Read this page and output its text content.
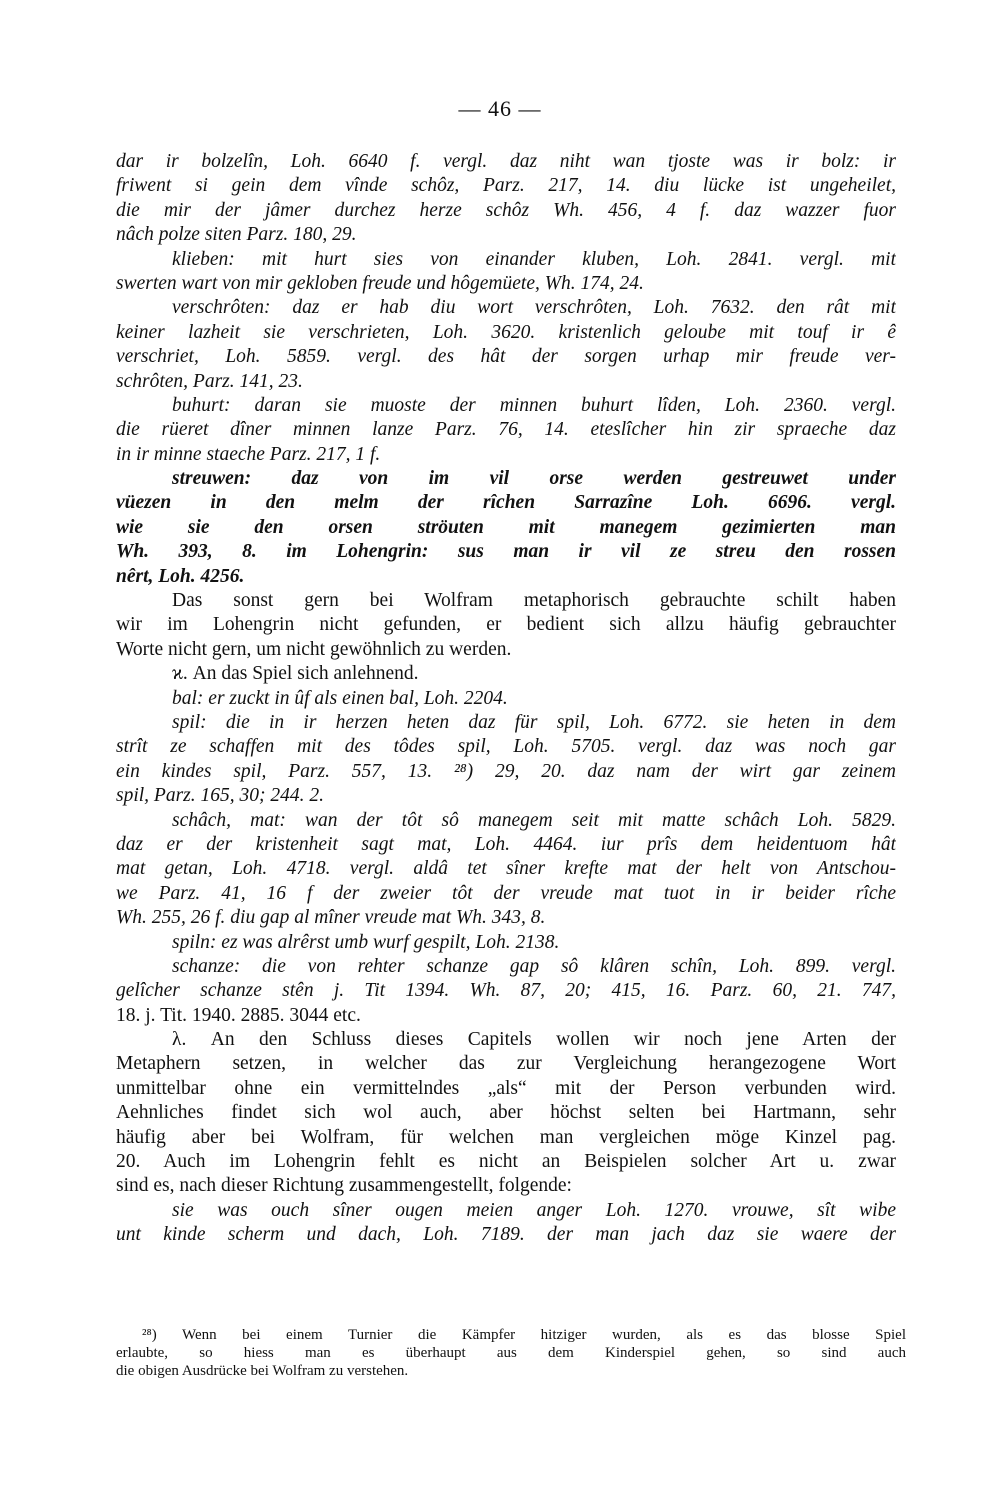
— 46 —
dar ir bolzelîn, Loh. 6640 f. vergl. daz niht wan tjoste was ir bolz: ir
friwent si gein dem vînde schôz, Parz. 217, 14. diu lücke ist ungeheilet,
die mir der jâmer durchez herze schôz Wh. 456, 4 f. daz wazzer fuor
nâch polze siten Parz. 180, 29.
klieben: mit hurt sies von einander kluben, Loh. 2841. vergl. mit
swerten wart von mir gekloben freude und hôgemüete, Wh. 174, 24.
verschrôten: daz er hab diu wort verschrôten, Loh. 7632. den rât mit
keiner lazheit sie verschrieten, Loh. 3620. kristenlich geloube mit touf ir ê
verschriet, Loh. 5859. vergl. des hât der sorgen urhap mir freude ver-
schrôten, Parz. 141, 23.
buhurt: daran sie muoste der minnen buhurt lîden, Loh. 2360. vergl.
die rüeret dîner minnen lanze Parz. 76, 14. eteslîcher hin zir spraeche daz
in ir minne staeche Parz. 217, 1 f.
streuwen: daz von im vil orse werden gestreuwet under
vüezen in den melm der rîchen Sarrazîne Loh. 6696. vergl.
wie sie den orsen ströuten mit manegem gezimierten man
Wh. 393, 8. im Lohengrin: sus man ir vil ze streu den rossen
nêrt, Loh. 4256.
Das sonst gern bei Wolfram metaphorisch gebrauchte schilt haben
wir im Lohengrin nicht gefunden, er bedient sich allzu häufig gebrauchter
Worte nicht gern, um nicht gewöhnlich zu werden.
ϰ. An das Spiel sich anlehnend.
bal: er zuckt in ûf als einen bal, Loh. 2204.
spil: die in ir herzen heten daz für spil, Loh. 6772. sie heten in dem
strît ze schaffen mit des tôdes spil, Loh. 5705. vergl. daz was noch gar
ein kindes spil, Parz. 557, 13. ²⁸) 29, 20. daz nam der wirt gar zeinem
spil, Parz. 165, 30; 244. 2.
schâch, mat: wan der tôt sô manegem seit mit matte schâch Loh. 5829.
daz er der kristenheit sagt mat, Loh. 4464. iur prîs dem heidentuom hât
mat getan, Loh. 4718. vergl. aldâ tet sîner krefte mat der helt von Antschou-
we Parz. 41, 16 f der zweier tôt der vreude mat tuot in ir beider rîche
Wh. 255, 26 f. diu gap al mîner vreude mat Wh. 343, 8.
spiln: ez was alrêrst umb wurf gespilt, Loh. 2138.
schanze: die von rehter schanze gap sô klâren schîn, Loh. 899. vergl.
gelîcher schanze stên j. Tit 1394. Wh. 87, 20; 415, 16. Parz. 60, 21. 747,
18. j. Tit. 1940. 2885. 3044 etc.
λ. An den Schluss dieses Capitels wollen wir noch jene Arten der
Metaphern setzen, in welcher das zur Vergleichung herangezogene Wort
unmittelbar ohne ein vermittelndes „als“ mit der Person verbunden wird.
Aehnliches findet sich wol auch, aber höchst selten bei Hartmann, sehr
häufig aber bei Wolfram, für welchen man vergleichen möge Kinzel pag.
20. Auch im Lohengrin fehlt es nicht an Beispielen solcher Art u. zwar
sind es, nach dieser Richtung zusammengestellt, folgende:
sie was ouch sîner ougen meien anger Loh. 1270. vrouwe, sît wibe
unt kinde scherm und dach, Loh. 7189. der man jach daz sie waere der
²⁸) Wenn bei einem Turnier die Kämpfer hitziger wurden, als es das blosse Spiel
erlaubte, so hiess man es überhaupt aus dem Kinderspiel gehen, so sind auch
die obigen Ausdrücke bei Wolfram zu verstehen.
